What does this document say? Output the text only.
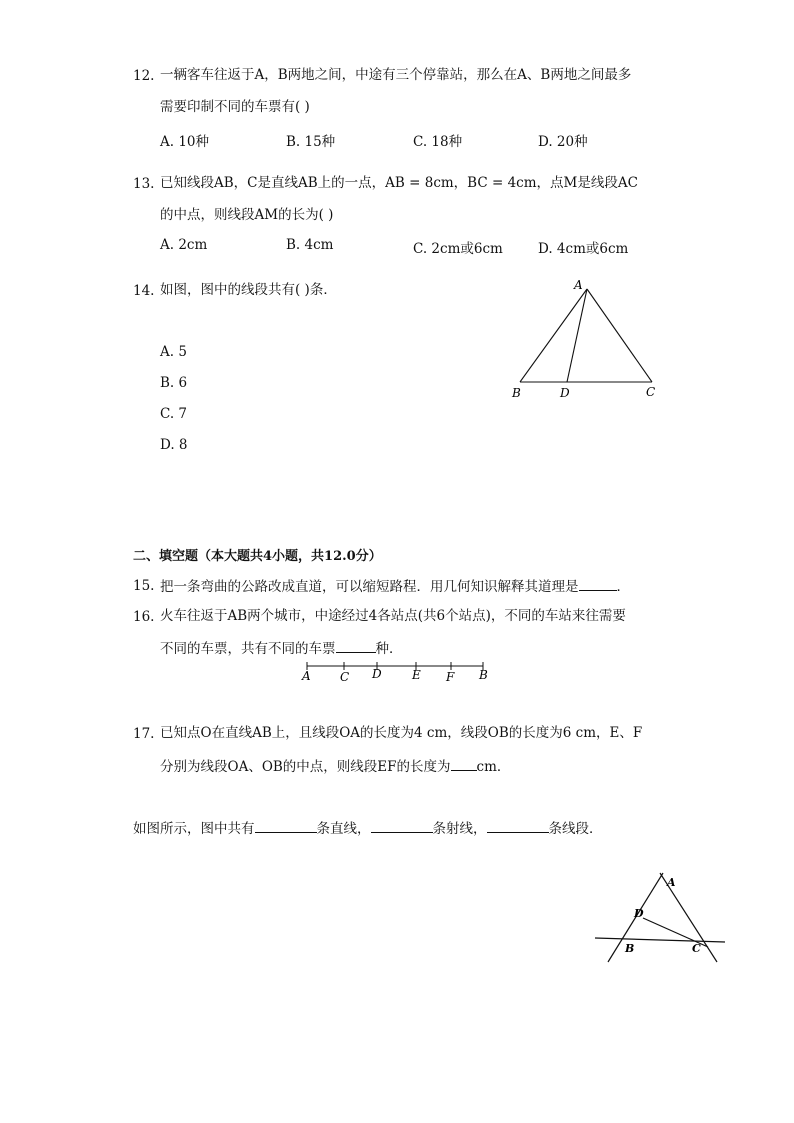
12. 一辆客车往返于A，B两地之间，中途有三个停靠站，那么在A、B两地之间最多
需要印制不同的车票有( )
A. 10种	B. 15种	C. 18种	D. 20种
13. 已知线段AB，C是直线AB上的一点，AB = 8cm，BC = 4cm，点M是线段AC
的中点，则线段AM的长为( )
A. 2cm	B. 4cm	C. 2cm或6cm	D. 4cm或6cm
14. 如图，图中的线段共有( )条．
A. 5
B. 6
C. 7
D. 8
A
B	D	C
二、填空题（本大题共4小题，共12.0分）
15. 把一条弯曲的公路改成直道，可以缩短路程．用几何知识解释其道理是	．
16. 火车往返于AB两个城市，中途经过4各站点(共6个站点)，不同的车站来往需要
不同的车票，共有不同的车票	种．
A C D	E F B
17. 已知点O在直线AB上，且线段OA的长度为4 cm，线段OB的长度为6 cm，E、F
分别为线段OA、OB的中点，则线段EF的长度为 cm．
如图所示，图中共有	条直线，	条射线，	条线段．
A
D
B	C
